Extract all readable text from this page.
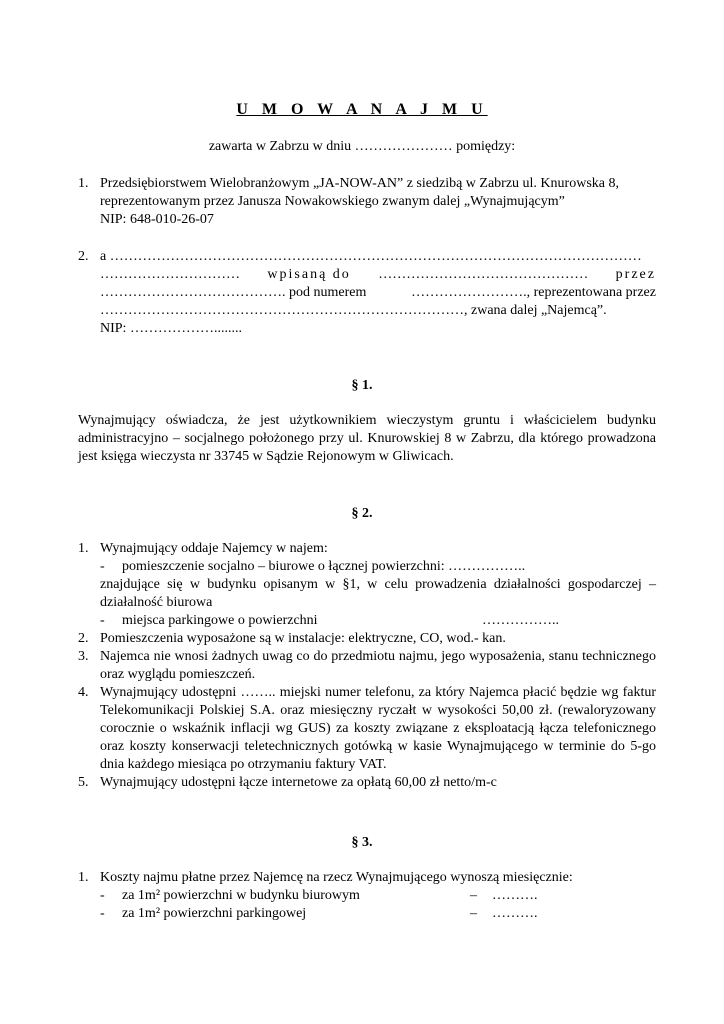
U M O W A N A J M U
zawarta w Zabrzu w dniu ………………… pomiędzy:
1. Przedsiębiorstwem Wielobranżowym „JA-NOW-AN” z siedzibą w Zabrzu ul. Knurowska 8,
reprezentowanym przez Janusza Nowakowskiego zwanym dalej „Wynajmującym”
NIP: 648-010-26-07
2. a ……………………………………………………………………………………………………
………………………… wpisaną do ……………………………………… przez
…………………………………. pod numerem	……………………., reprezentowana przez
……………………………………………………………………, zwana dalej „Najemcą”.
NIP: ………………........
§ 1.
Wynajmujący oświadcza, że jest użytkownikiem wieczystym gruntu i właścicielem budynku administracyjno – socjalnego położonego przy ul. Knurowskiej 8 w Zabrzu, dla którego prowadzona jest księga wieczysta nr 33745 w Sądzie Rejonowym w Gliwicach.
§ 2.
1. Wynajmujący oddaje Najemcy w najem:
- pomieszczenie socjalno – biurowe o łącznej powierzchni: ……………..
znajdujące się w budynku opisanym w §1, w celu prowadzenia działalności gospodarczej – działalność biurowa
- miejsca parkingowe o powierzchni	……………..
2. Pomieszczenia wyposażone są w instalacje: elektryczne, CO, wod.- kan.
3. Najemca nie wnosi żadnych uwag co do przedmiotu najmu, jego wyposażenia, stanu technicznego oraz wyglądu pomieszczeń.
4. Wynajmujący udostępni …….. miejski numer telefonu, za który Najemca płacić będzie wg faktur Telekomunikacji Polskiej S.A. oraz miesięczny ryczałt w wysokości 50,00 zł. (rewaloryzowany corocznie o wskaźnik inflacji wg GUS) za koszty związane z eksploatacją łącza telefonicznego oraz koszty konserwacji teletechnicznych gotówką w kasie Wynajmującego w terminie do 5-go dnia każdego miesiąca po otrzymaniu faktury VAT.
5. Wynajmujący udostępni łącze internetowe za opłatą 60,00 zł netto/m-c
§ 3.
1. Koszty najmu płatne przez Najemcę na rzecz Wynajmującego wynoszą miesięcznie:
- za 1m² powierzchni w budynku biurowym	– ……….
- za 1m² powierzchni parkingowej	– ……….
